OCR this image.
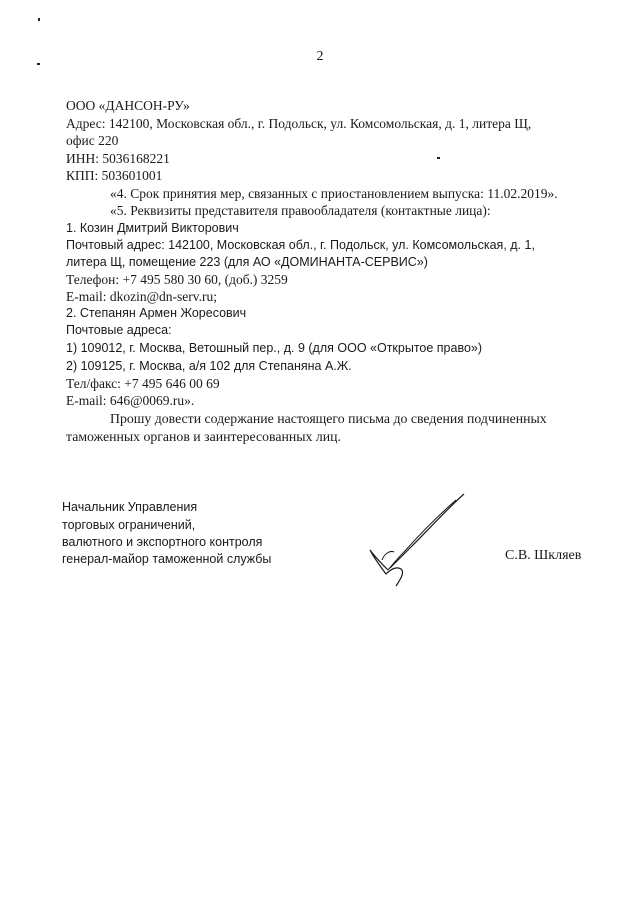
2
ООО «ДАНСОН-РУ»
Адрес: 142100, Московская обл., г. Подольск, ул. Комсомольская, д. 1, литера Щ,
офис 220
ИНН: 5036168221
КПП: 503601001
«4. Срок принятия мер, связанных с приостановлением выпуска: 11.02.2019».
«5. Реквизиты представителя правообладателя (контактные лица):
1. Козин Дмитрий Викторович
Почтовый адрес: 142100, Московская обл., г. Подольск, ул. Комсомольская, д. 1,
литера Щ, помещение 223 (для АО «ДОМИНАНТА-СЕРВИС»)
Телефон: +7 495 580 30 60, (доб.) 3259
E-mail: dkozin@dn-serv.ru;
2. Степанян Армен Жоресович
Почтовые адреса:
1) 109012, г. Москва, Ветошный пер., д. 9 (для ООО «Открытое право»)
2) 109125, г. Москва, а/я 102 для Степаняна А.Ж.
Тел/факс: +7 495 646 00 69
E-mail: 646@0069.ru».
Прошу довести содержание настоящего письма до сведения подчиненных
таможенных органов и заинтересованных лиц.
Начальник Управления
торговых ограничений,
валютного и экспортного контроля
генерал-майор таможенной службы	С.В. Шкляев
